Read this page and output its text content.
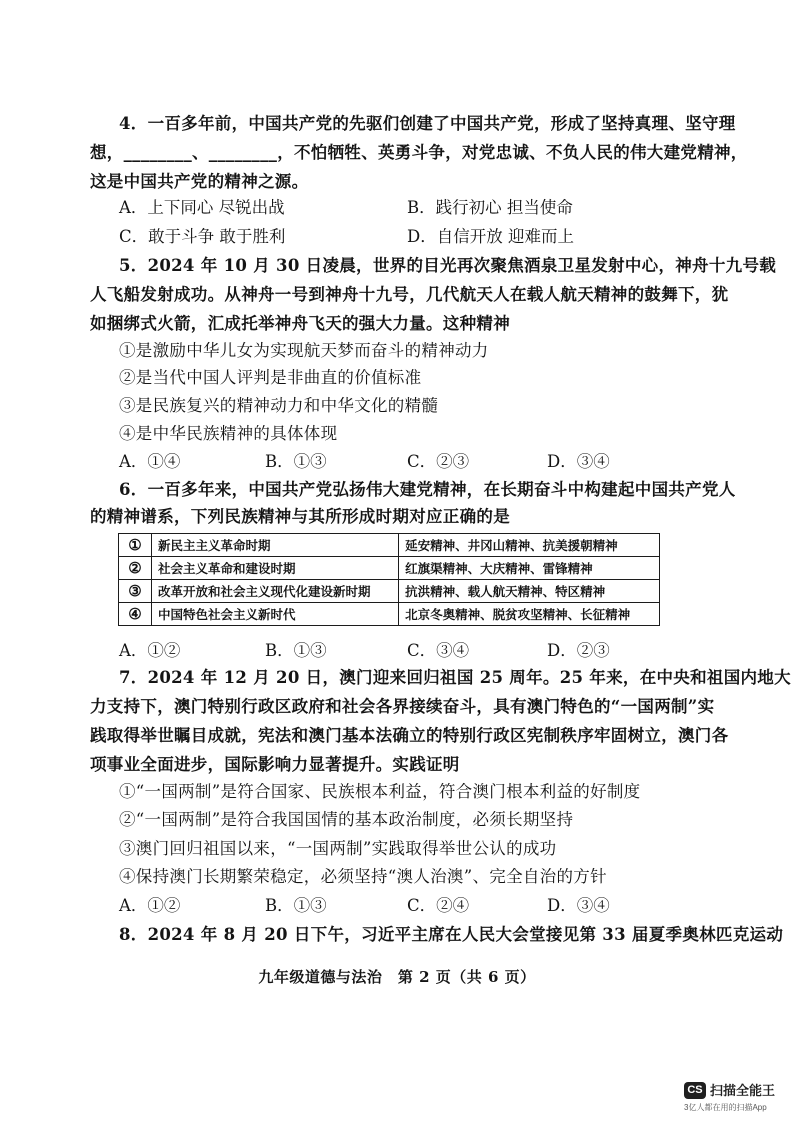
4．一百多年前，中国共产党的先驱们创建了中国共产党，形成了坚持真理、坚守理
想，________、________，不怕牺牲、英勇斗争，对党忠诚、不负人民的伟大建党精神，
这是中国共产党的精神之源。
A．上下同心 尽锐出战	B．践行初心 担当使命
C．敢于斗争 敢于胜利	D．自信开放 迎难而上
5．2024 年 10 月 30 日凌晨，世界的目光再次聚焦酒泉卫星发射中心，神舟十九号载
人飞船发射成功。从神舟一号到神舟十九号，几代航天人在载人航天精神的鼓舞下，犹
如捆绑式火箭，汇成托举神舟飞天的强大力量。这种精神
①是激励中华儿女为实现航天梦而奋斗的精神动力
②是当代中国人评判是非曲直的价值标准
③是民族复兴的精神动力和中华文化的精髓
④是中华民族精神的具体体现
A．①④	B．①③	C．②③	D．③④
6．一百多年来，中国共产党弘扬伟大建党精神，在长期奋斗中构建起中国共产党人
的精神谱系，下列民族精神与其所形成时期对应正确的是
①	新民主主义革命时期	延安精神、井冈山精神、抗美援朝精神
②	社会主义革命和建设时期	红旗渠精神、大庆精神、雷锋精神
③	改革开放和社会主义现代化建设新时期	抗洪精神、载人航天精神、特区精神
④	中国特色社会主义新时代	北京冬奥精神、脱贫攻坚精神、长征精神
A．①②	B．①③	C．③④	D．②③
7．2024 年 12 月 20 日，澳门迎来回归祖国 25 周年。25 年来，在中央和祖国内地大
力支持下，澳门特别行政区政府和社会各界接续奋斗，具有澳门特色的“一国两制”实
践取得举世瞩目成就，宪法和澳门基本法确立的特别行政区宪制秩序牢固树立，澳门各
项事业全面进步，国际影响力显著提升。实践证明
①“一国两制”是符合国家、民族根本利益，符合澳门根本利益的好制度
②“一国两制”是符合我国国情的基本政治制度，必须长期坚持
③澳门回归祖国以来，“一国两制”实践取得举世公认的成功
④保持澳门长期繁荣稳定，必须坚持“澳人治澳”、完全自治的方针
A．①②	B．①③	C．②④	D．③④
8．2024 年 8 月 20 日下午，习近平主席在人民大会堂接见第 33 届夏季奥林匹克运动
九年级道德与法治　第 2 页（共 6 页）
CS 扫描全能王
3亿人都在用的扫描App
